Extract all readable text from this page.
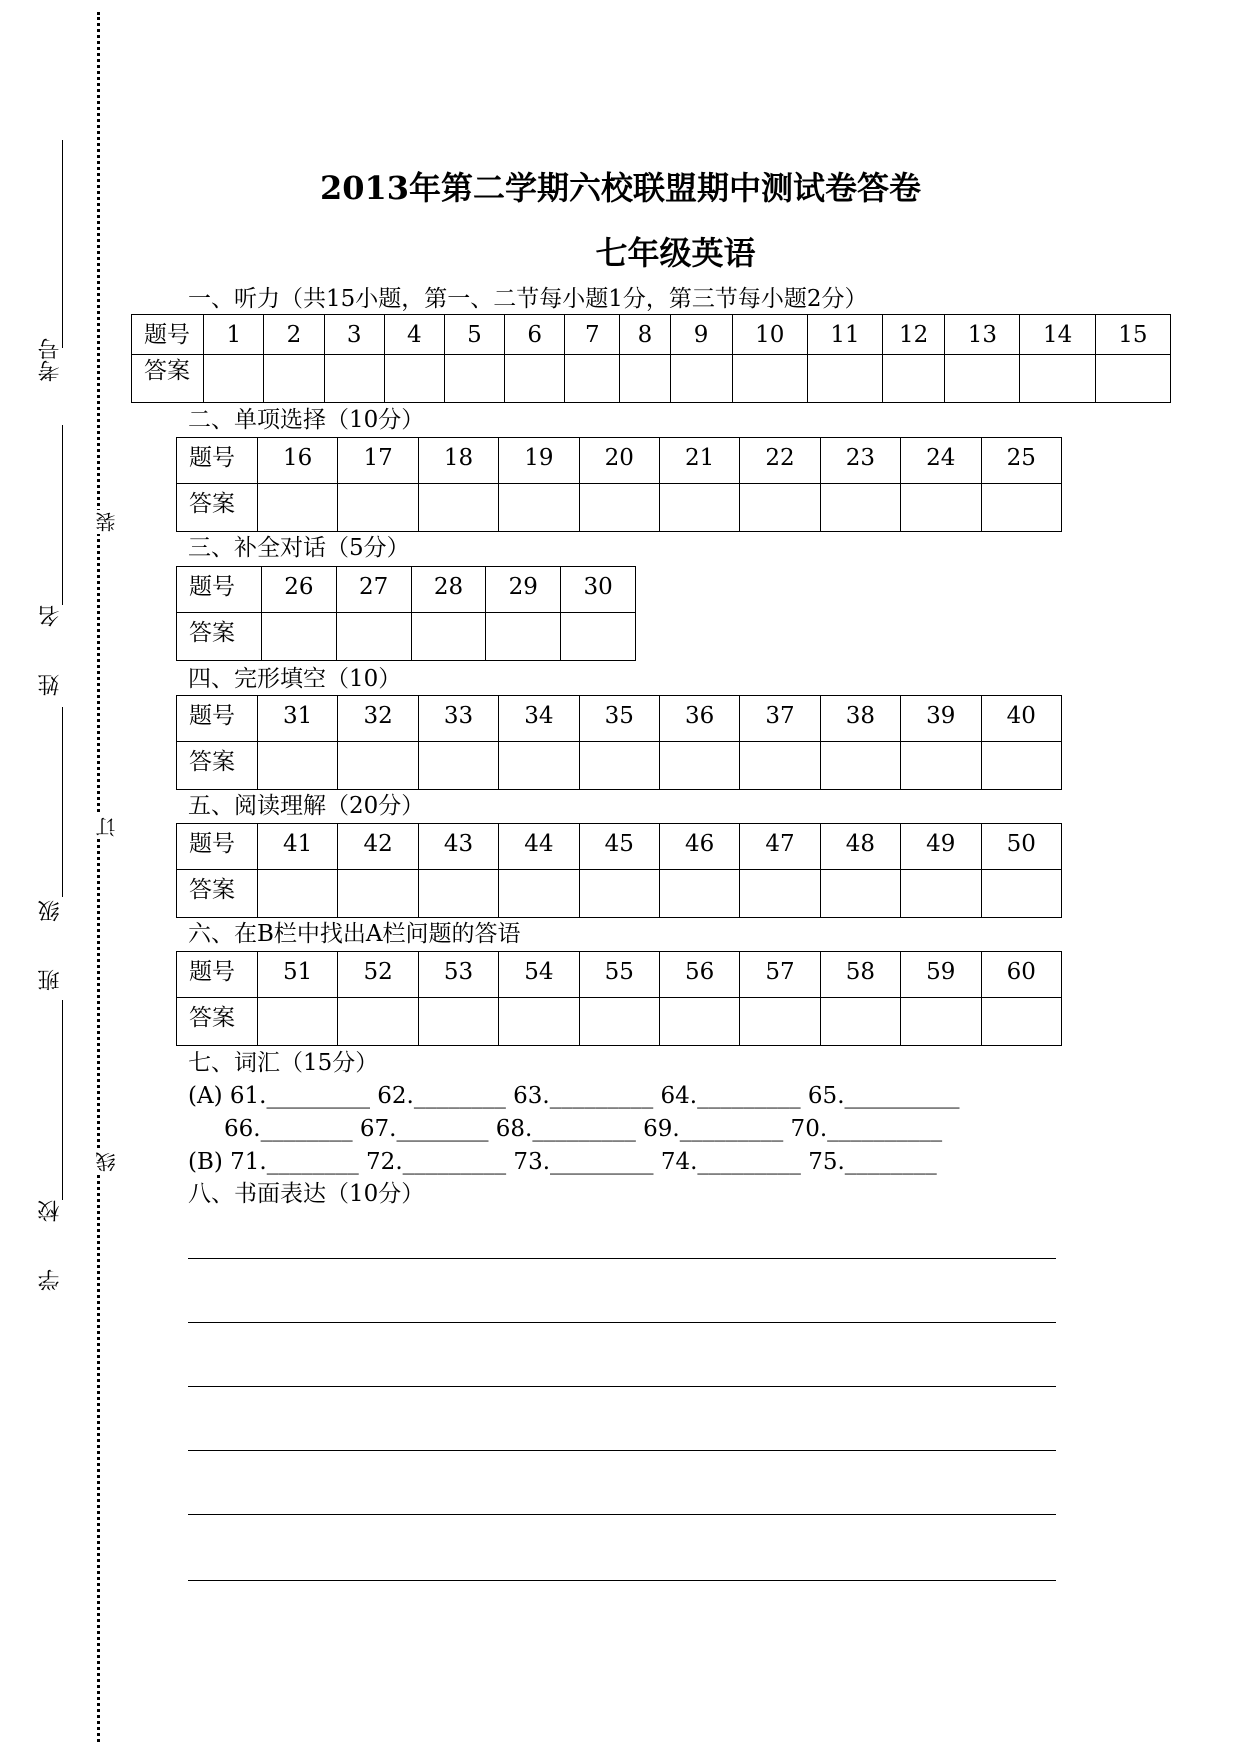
考号
姓 名
班 级
学 校
装
订
线
2013年第二学期六校联盟期中测试卷答卷
七年级英语
一、听力（共15小题，第一、二节每小题1分，第三节每小题2分）
题号	1	2	3	4	5	6	7	8	9	10	11	12	13	14	15
答案															
二、单项选择（10分）
题号	16	17	18	19	20	21	22	23	24	25
答案										
三、补全对话（5分）
题号	26	27	28	29	30
答案					
四、完形填空（10）
题号	31	32	33	34	35	36	37	38	39	40
答案										
五、阅读理解（20分）
题号	41	42	43	44	45	46	47	48	49	50
答案										
六、在B栏中找出A栏问题的答语
题号	51	52	53	54	55	56	57	58	59	60
答案										
七、词汇（15分）
(A) 61._________ 62.________ 63._________ 64._________ 65.__________
66.________ 67.________ 68._________ 69._________ 70.__________
(B) 71.________ 72._________ 73._________ 74._________ 75.________
八、书面表达（10分）
